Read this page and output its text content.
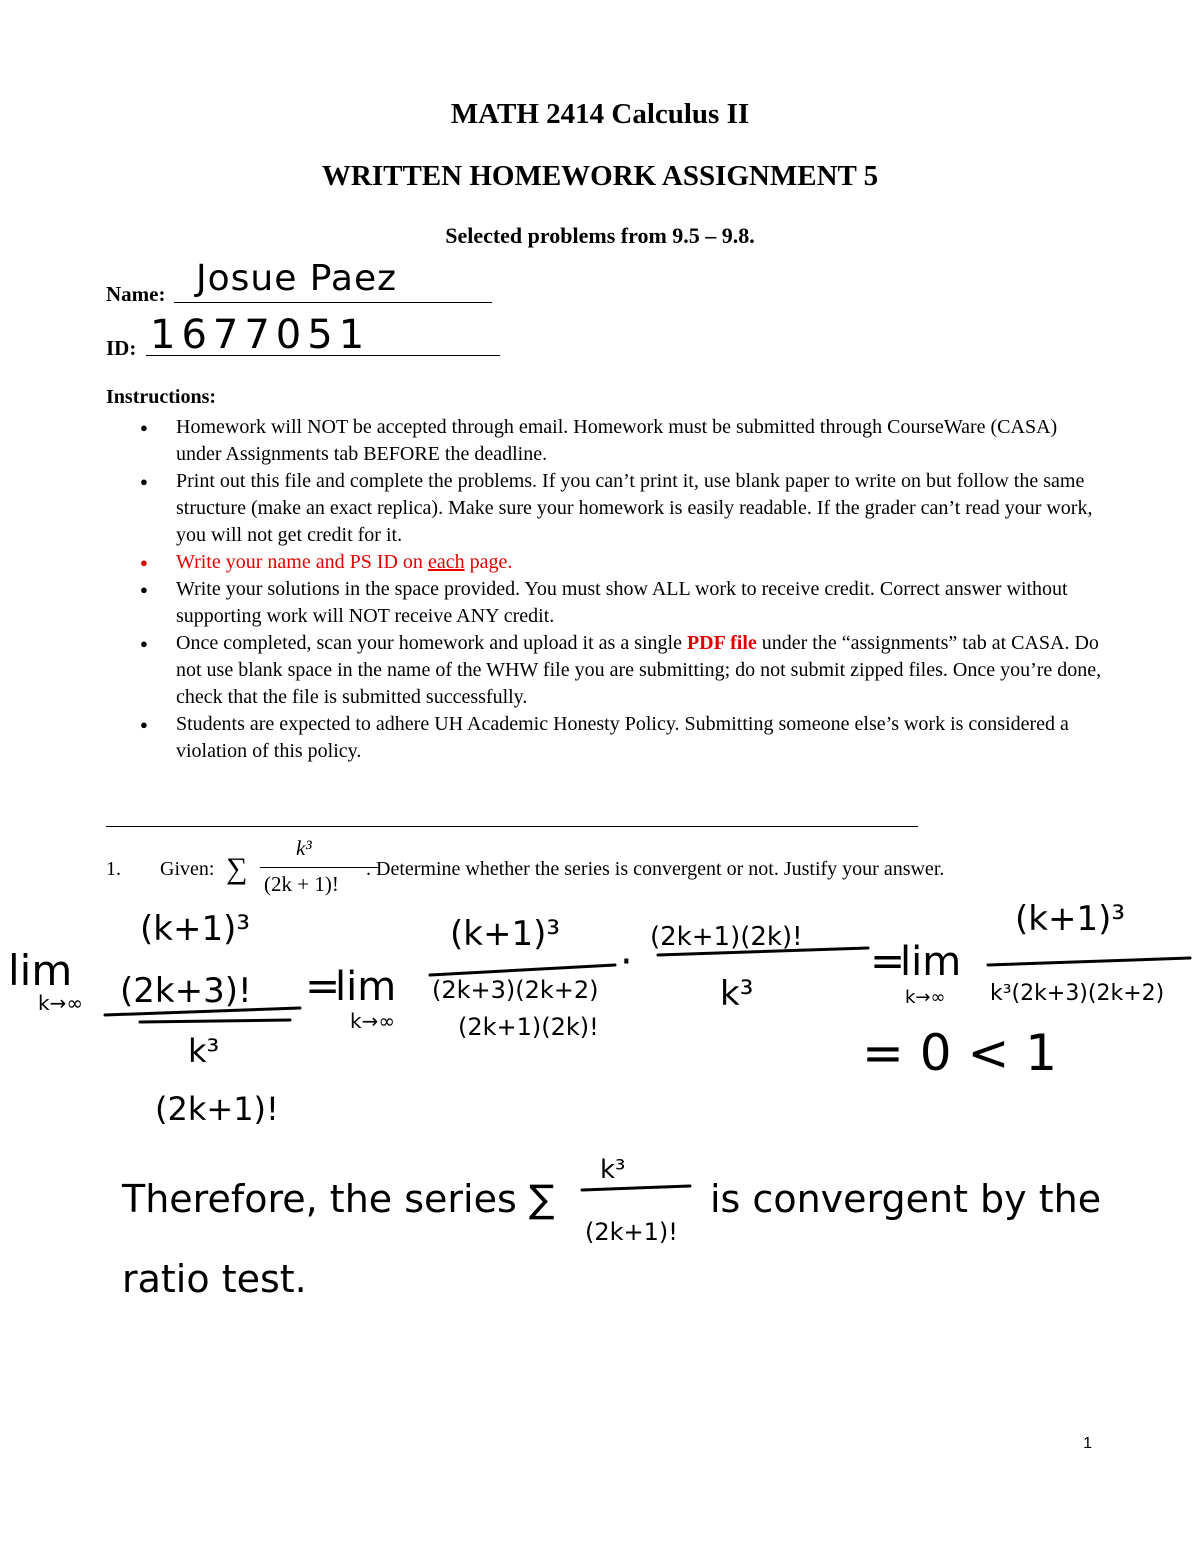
MATH 2414 Calculus II
WRITTEN HOMEWORK ASSIGNMENT 5
Selected problems from 9.5 – 9.8.
Name: Josue Paez
ID: 1677051
Instructions:
● Homework will NOT be accepted through email. Homework must be submitted through CourseWare (CASA) under Assignments tab BEFORE the deadline.
● Print out this file and complete the problems. If you can’t print it, use blank paper to write on but follow the same structure (make an exact replica). Make sure your homework is easily readable. If the grader can’t read your work, you will not get credit for it.
● Write your name and PS ID on each page.
● Write your solutions in the space provided. You must show ALL work to receive credit. Correct answer without supporting work will NOT receive ANY credit.
● Once completed, scan your homework and upload it as a single PDF file under the “assignments” tab at CASA. Do not use blank space in the name of the WHW file you are submitting; do not submit zipped files. Once you’re done, check that the file is submitted successfully.
● Students are expected to adhere UH Academic Honesty Policy. Submitting someone else’s work is considered a violation of this policy.
1. Given: ∑
k³
(2k + 1)!
. Determine whether the series is convergent or not. Justify your answer.
lim
k→∞
(k+1)³
(2k+3)!
k³
(2k+1)!
=
lim
k→∞
(k+1)³
(2k+3)(2k+2)
(2k+1)(2k)!
·
(2k+1)(2k)!
k³
=
lim
k→∞
(k+1)³
k³(2k+3)(2k+2)
= 0 < 1
Therefore, the series ∑
k³
(2k+1)!
is convergent by the
ratio test.
1
